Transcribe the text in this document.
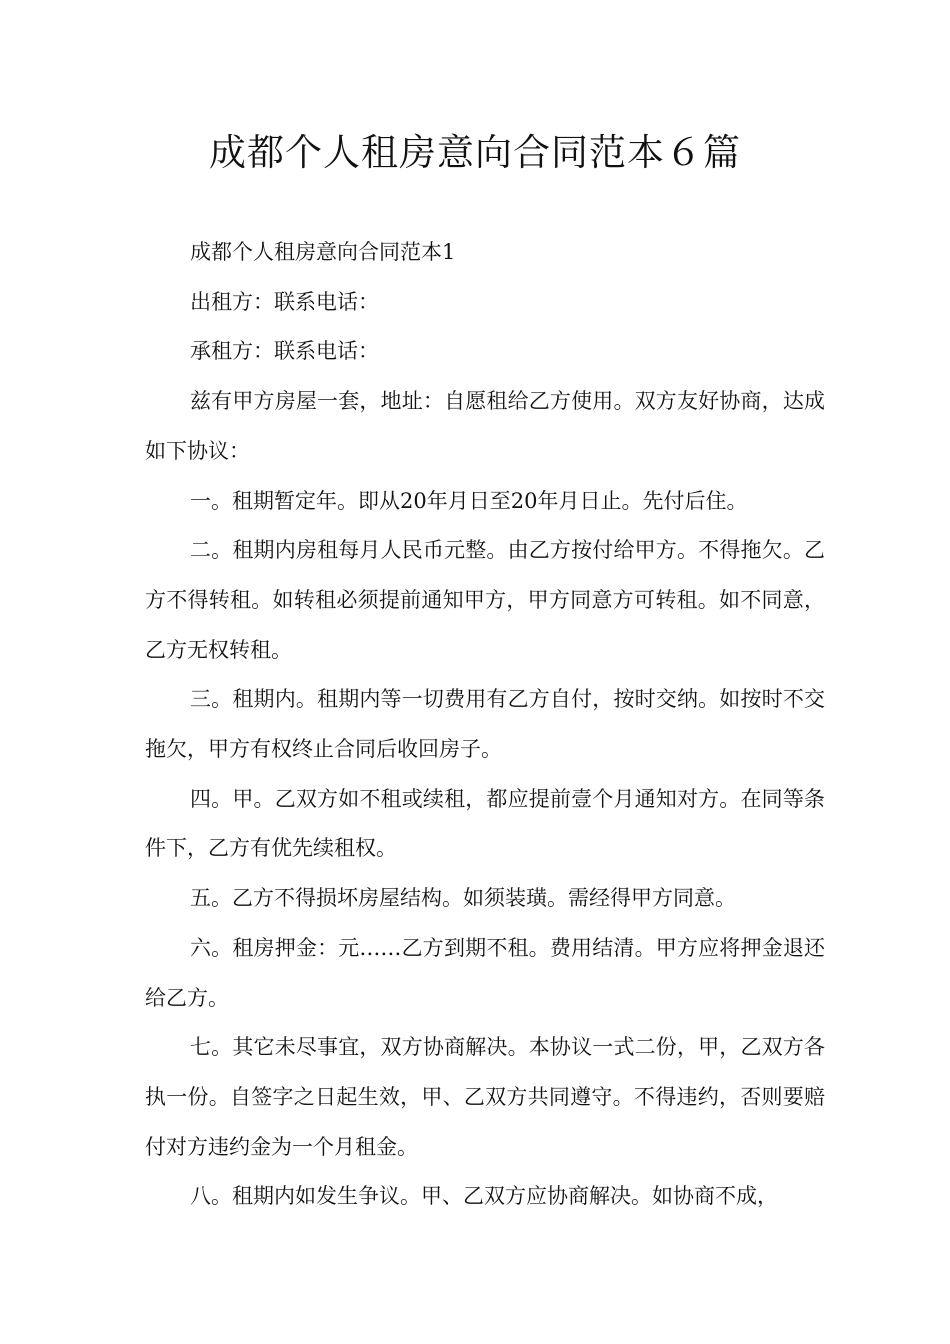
成都个人租房意向合同范本６篇

成都个人租房意向合同范本1

出租方：联系电话：

承租方：联系电话：

兹有甲方房屋一套，地址：自愿租给乙方使用。双方友好协商，达成如下协议：

一。租期暂定年。即从20年月日至20年月日止。先付后住。

二。租期内房租每月人民币元整。由乙方按付给甲方。不得拖欠。乙方不得转租。如转租必须提前通知甲方，甲方同意方可转租。如不同意，乙方无权转租。

三。租期内。租期内等一切费用有乙方自付，按时交纳。如按时不交拖欠，甲方有权终止合同后收回房子。

四。甲。乙双方如不租或续租，都应提前壹个月通知对方。在同等条件下，乙方有优先续租权。

五。乙方不得损坏房屋结构。如须装璜。需经得甲方同意。

六。租房押金：元……乙方到期不租。费用结清。甲方应将押金退还给乙方。

七。其它未尽事宜，双方协商解决。本协议一式二份，甲，乙双方各执一份。自签字之日起生效，甲、乙双方共同遵守。不得违约，否则要赔付对方违约金为一个月租金。

八。租期内如发生争议。甲、乙双方应协商解决。如协商不成，
